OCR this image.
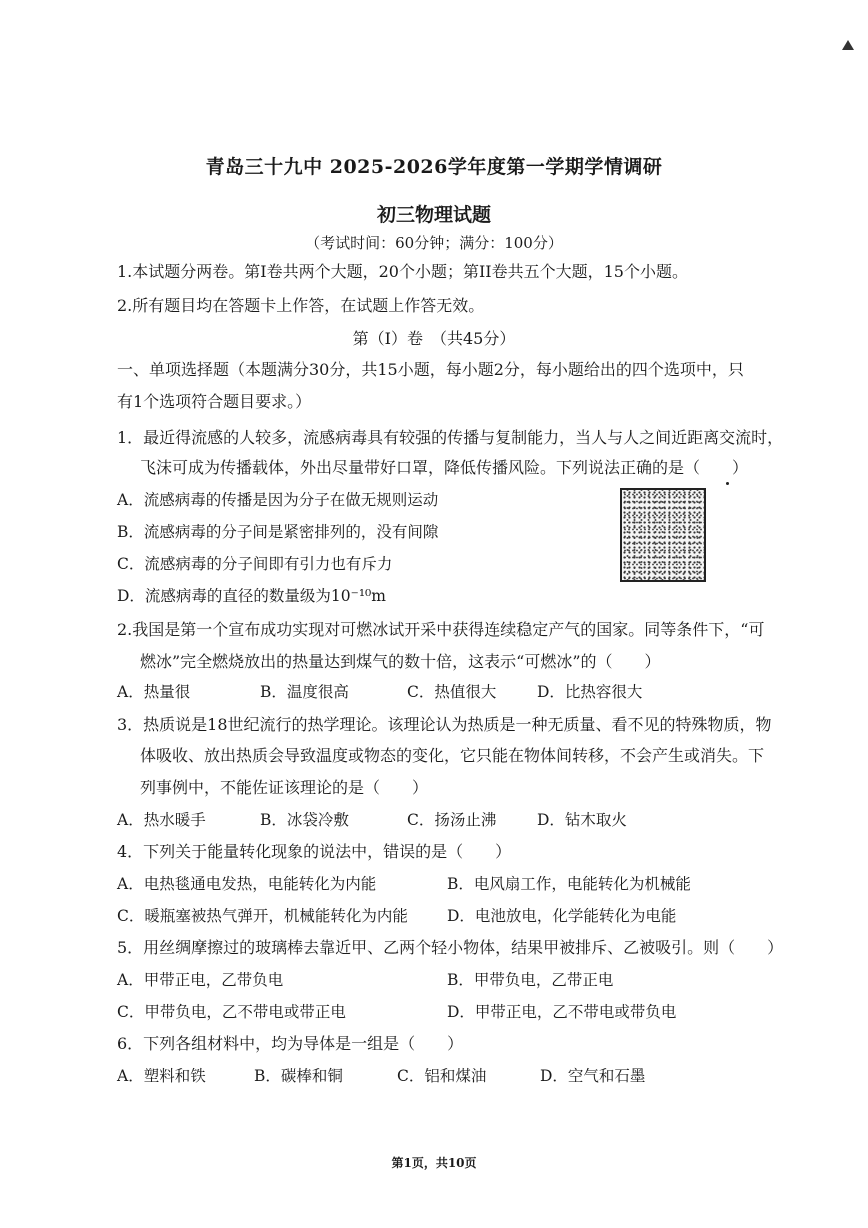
青岛三十九中 2025-2026学年度第一学期学情调研
初三物理试题
（考试时间：60分钟；满分：100分）
1.本试题分两卷。第I卷共两个大题，20个小题；第II卷共五个大题，15个小题。
2.所有题目均在答题卡上作答，在试题上作答无效。
第（I）卷　（共45分）
一、单项选择题（本题满分30分，共15小题，每小题2分，每小题给出的四个选项中，只
有1个选项符合题目要求。）
1．最近得流感的人较多，流感病毒具有较强的传播与复制能力，当人与人之间近距离交流时，
飞沫可成为传播载体，外出尽量带好口罩，降低传播风险。下列说法正确的是（　　）
A．流感病毒的传播是因为分子在做无规则运动
B．流感病毒的分子间是紧密排列的，没有间隙
C．流感病毒的分子间即有引力也有斥力
D．流感病毒的直径的数量级为10⁻¹⁰m
2.我国是第一个宣布成功实现对可燃冰试开采中获得连续稳定产气的国家。同等条件下，“可
燃冰”完全燃烧放出的热量达到煤气的数十倍，这表示“可燃冰”的（　　）
A．热量很	B．温度很高	C．热值很大	D．比热容很大
3．热质说是18世纪流行的热学理论。该理论认为热质是一种无质量、看不见的特殊物质，物
体吸收、放出热质会导致温度或物态的变化，它只能在物体间转移，不会产生或消失。下
列事例中，不能佐证该理论的是（　　）
A．热水暖手	B．冰袋冷敷	C．扬汤止沸	D．钻木取火
4．下列关于能量转化现象的说法中，错误的是（　　）
A．电热毯通电发热，电能转化为内能	B．电风扇工作，电能转化为机械能
C．暖瓶塞被热气弹开，机械能转化为内能	D．电池放电，化学能转化为电能
5．用丝绸摩擦过的玻璃棒去靠近甲、乙两个轻小物体，结果甲被排斥、乙被吸引。则（　　）
A．甲带正电，乙带负电	B．甲带负电，乙带正电
C．甲带负电，乙不带电或带正电	D．甲带正电，乙不带电或带负电
6．下列各组材料中，均为导体是一组是（　　）
A．塑料和铁	B．碳棒和铜	C．铝和煤油	D．空气和石墨
第1页，共10页
